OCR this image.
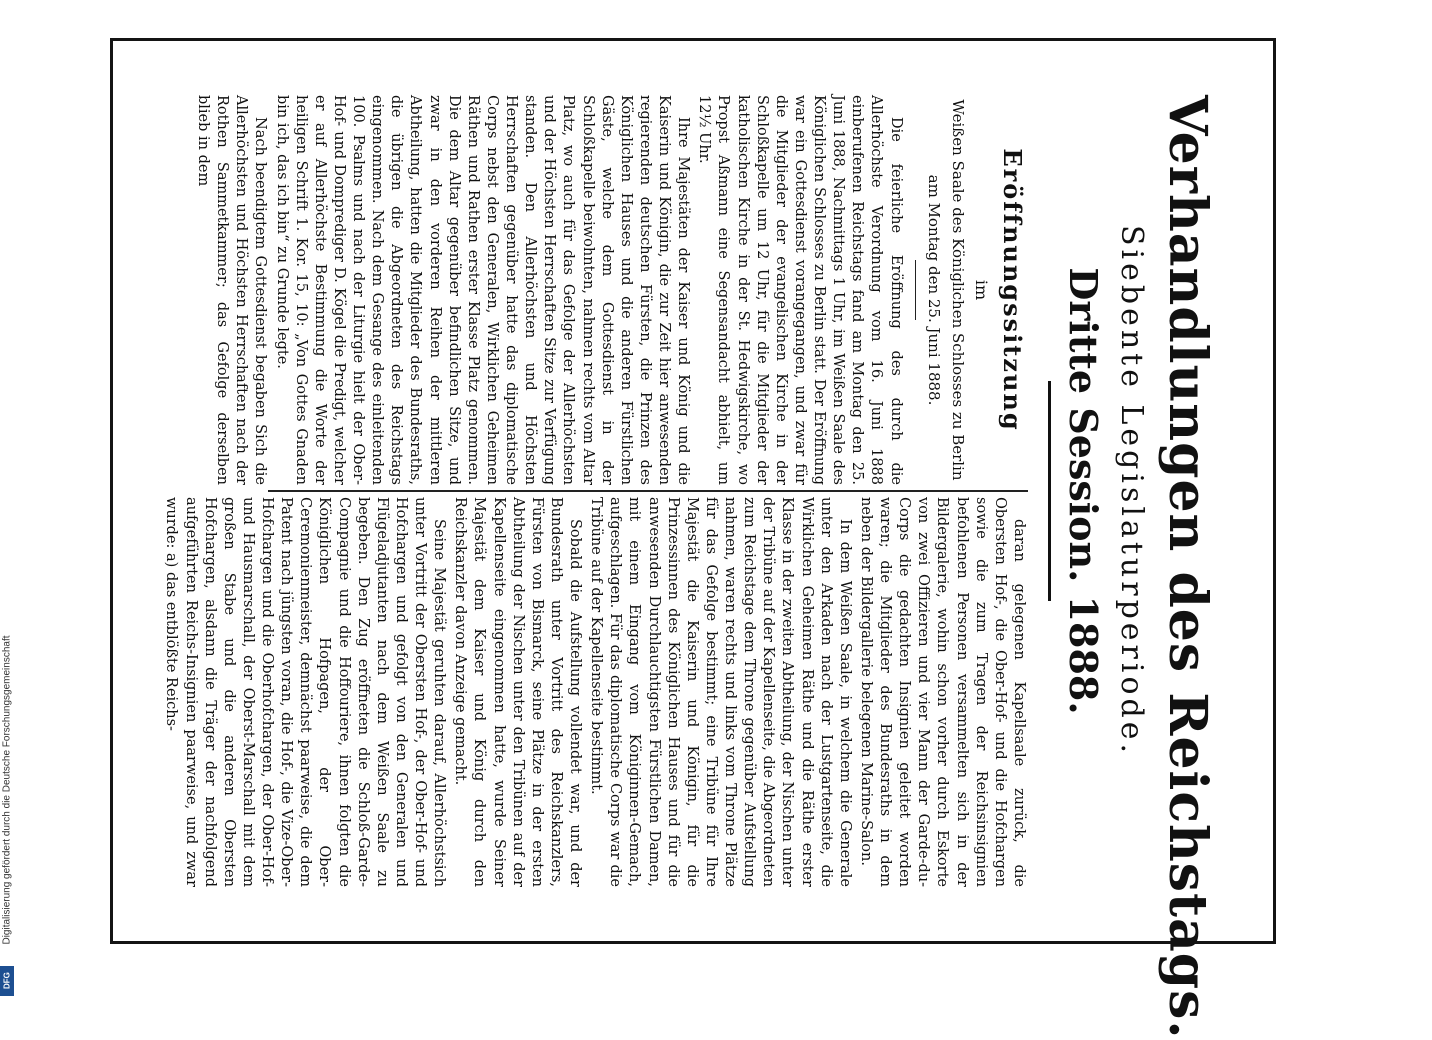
Verhandlungen des Reichstags.
Siebente Legislaturperiode.
Dritte Session. 1888.
Eröffnungssitzung
im
Weißen Saale des Königlichen Schlosses zu Berlin
am Montag den 25. Juni 1888.

Die feierliche Eröffnung des durch die Allerhöchste Verordnung vom 16. Juni 1888 einberufenen Reichstags fand am Montag den 25. Juni 1888, Nachmittags 1 Uhr, im Weißen Saale des Königlichen Schlosses zu Berlin statt. Der Eröffnung war ein Gottesdienst vorangegangen, und zwar für die Mitglieder der evangelischen Kirche in der Schloßkapelle um 12 Uhr, für die Mitglieder der katholischen Kirche in der St. Hedwigskirche, wo Propst Aßmann eine Segensandacht abhielt, um 12½ Uhr.

Ihre Majestäten der Kaiser und König und die Kaiserin und Königin, die zur Zeit hier anwesenden regierenden deutschen Fürsten, die Prinzen des Königlichen Hauses und die anderen Fürstlichen Gäste, welche dem Gottesdienst in der Schloßkapelle beiwohnten, nahmen rechts vom Altar Platz, wo auch für das Gefolge der Allerhöchsten und der Höchsten Herrschaften Sitze zur Verfügung standen. Den Allerhöchsten und Höchsten Herrschaften gegenüber hatte das diplomatische Corps nebst den Generalen, Wirklichen Geheimen Räthen und Rathen erster Klasse Platz genommen. Die dem Altar gegenüber befindlichen Sitze, und zwar in den vorderen Reihen der mittleren Abtheilung, hatten die Mitglieder des Bundesraths, die übrigen die Abgeordneten des Reichstags eingenommen. Nach dem Gesange des einleitenden 100. Psalms und nach der Liturgie hielt der Ober-Hof- und Domprediger D. Kögel die Predigt, welcher er auf Allerhöchste Bestimmung die Worte der heiligen Schrift 1. Kor. 15, 10: „Von Gottes Gnaden bin ich, das ich bin“ zu Grunde legte.

Nach beendigtem Gottesdienst begaben Sich die Allerhöchsten und Höchsten Herrschaften nach der Rothen Sammetkammer; das Gefolge derselben blieb in dem

daran gelegenen Kapellsaale zurück, die Obersten Hof-, die Ober-Hof- und die Hofchargen sowie die zum Tragen der Reichsinsignien befohlenen Personen versammelten sich in der Bildergalerie, wohin schon vorher durch Eskorte von zwei Offizieren und vier Mann der Garde-du-Corps die gedachten Insignien geleitet worden waren; die Mitglieder des Bundesraths in dem neben der Bildergallerie belegenen Marine-Salon.

In dem Weißen Saale, in welchem die Generale unter den Arkaden nach der Lustgartenseite, die Wirklichen Geheimen Räthe und die Räthe erster Klasse in der zweiten Abtheilung, der Nischen unter der Tribüne auf der Kapellenseite, die Abgeordneten zum Reichstage dem Throne gegenüber Aufstellung nahmen, waren rechts und links vom Throne Plätze für das Gefolge bestimmt; eine Tribüne für Ihre Majestät die Kaiserin und Königin, für die Prinzessinnen des Königlichen Hauses und für die anwesenden Durchlauchtigsten Fürstlichen Damen, mit einem Eingang vom Königinnen-Gemach, aufgeschlagen. Für das diplomatische Corps war die Tribüne auf der Kapellenseite bestimmt.

Sobald die Aufstellung vollendet war, und der Bundesrath unter Vortritt des Reichskanzlers, Fürsten von Bismarck, seine Plätze in der ersten Abtheilung der Nischen unter den Tribünen auf der Kapellenseite eingenommen hatte, wurde Seiner Majestät dem Kaiser und König durch den Reichskanzler davon Anzeige gemacht.

Seine Majestät geruhten darauf, Allerhöchstsich unter Vortritt der Obersten Hof-, der Ober-Hof- und Hofchargen und gefolgt von den Generalen und Flügeladjutanten nach dem Weißen Saale zu begeben. Den Zug eröffneten die Schloß-Garde-Compagnie und die Hoffouriere, ihnen folgten die Königlichen Hofpagen, der Ober-Ceremonienmeister, demnächst paarweise, die dem Patent nach jüngsten voran, die Hof-, die Vize-Ober-Hofchargen und die Oberhofchargen, der Ober-Hof- und Hausmarschall, der Oberst-Marschall mit dem großen Stabe und die anderen Obersten Hofchargen, alsdann die Träger der nachfolgend aufgeführten Reichs-Insignien paarweise, und zwar wurde: a) das entblößte Reichs-

Digitalisierung gefördert durch die Deutsche Forschungsgemeinschaft
DFG
